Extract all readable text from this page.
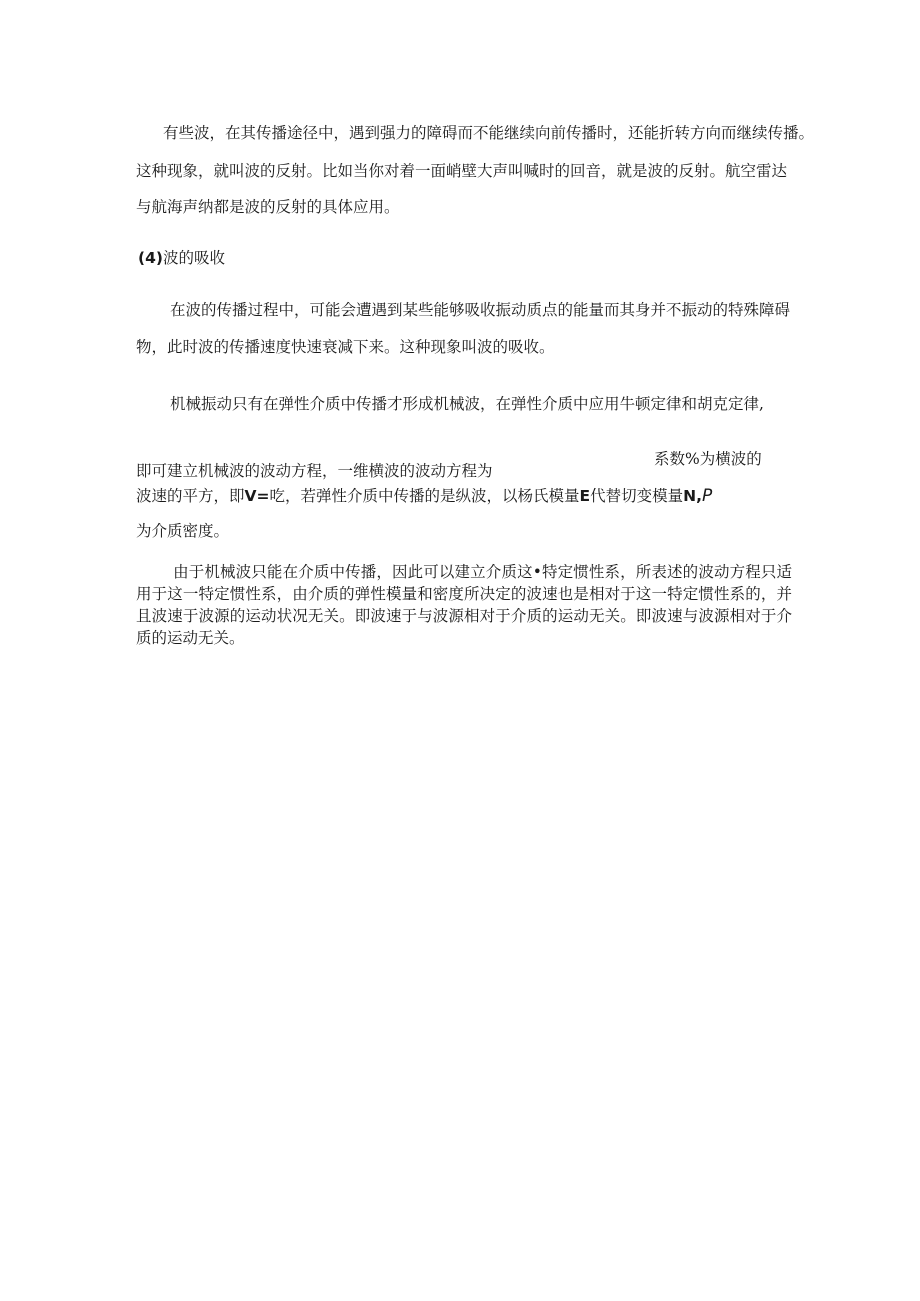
有些波，在其传播途径中，遇到强力的障碍而不能继续向前传播时，还能折转方向而继续传播。

这种现象，就叫波的反射。比如当你对着一面峭壁大声叫喊时的回音，就是波的反射。航空雷达

与航海声纳都是波的反射的具体应用。

(4)波的吸收

在波的传播过程中，可能会遭遇到某些能够吸收振动质点的能量而其身并不振动的特殊障碍

物，此时波的传播速度快速衰减下来。这种现象叫波的吸收。

机械振动只有在弹性介质中传播才形成机械波，在弹性介质中应用牛顿定律和胡克定律,

系数%为横波的

即可建立机械波的波动方程，一维横波的波动方程为

波速的平方，即V=吃，若弹性介质中传播的是纵波，以杨氏模量E代替切变模量N,P

为介质密度。

由于机械波只能在介质中传播，因此可以建立介质这•特定惯性系，所表述的波动方程只适用于这一特定惯性系，由介质的弹性模量和密度所决定的波速也是相对于这一特定惯性系的，并且波速于波源的运动状况无关。即波速于与波源相对于介质的运动无关。即波速与波源相对于介质的运动无关。
